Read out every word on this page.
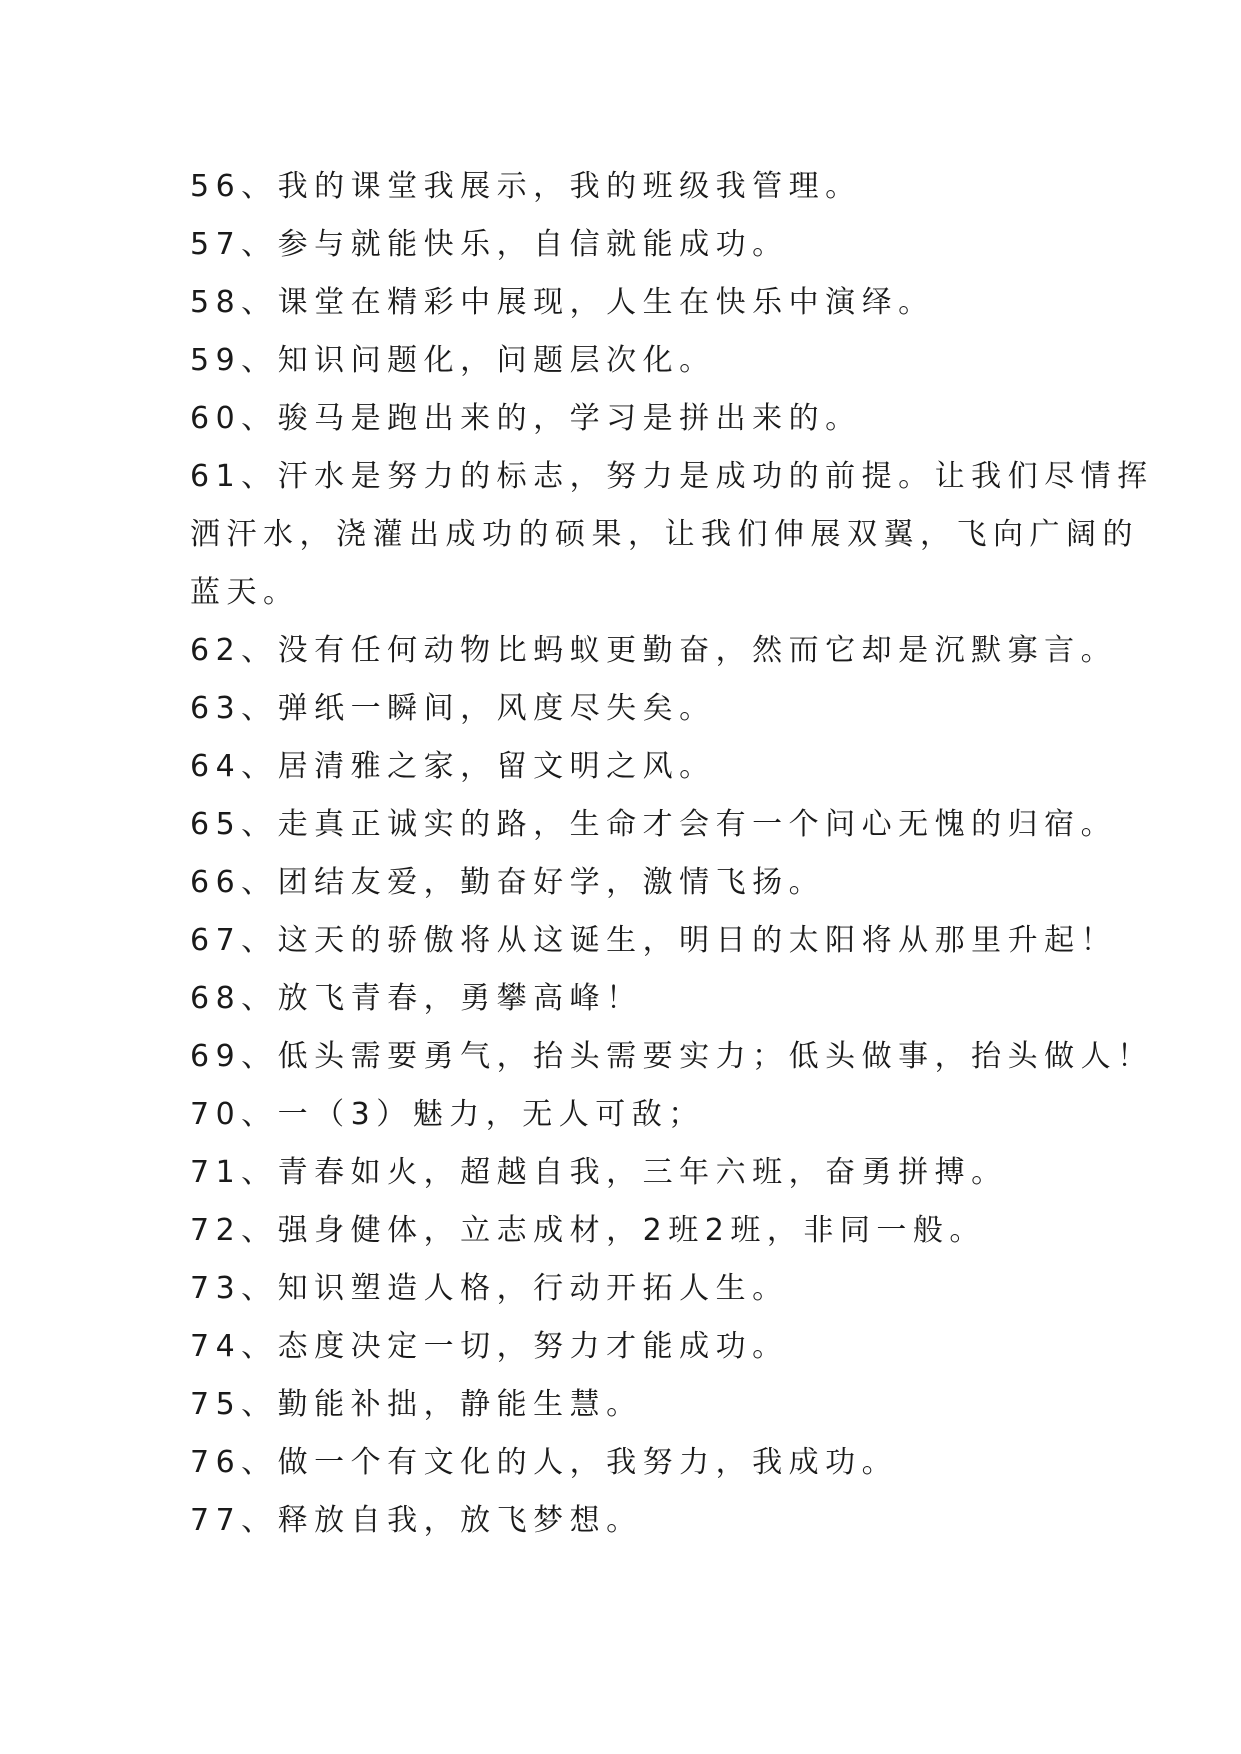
56、我的课堂我展示，我的班级我管理。
57、参与就能快乐，自信就能成功。
58、课堂在精彩中展现，人生在快乐中演绎。
59、知识问题化，问题层次化。
60、骏马是跑出来的，学习是拼出来的。
61、汗水是努力的标志，努力是成功的前提。让我们尽情挥
洒汗水，浇灌出成功的硕果，让我们伸展双翼，飞向广阔的
蓝天。
62、没有任何动物比蚂蚁更勤奋，然而它却是沉默寡言。
63、弹纸一瞬间，风度尽失矣。
64、居清雅之家，留文明之风。
65、走真正诚实的路，生命才会有一个问心无愧的归宿。
66、团结友爱，勤奋好学，激情飞扬。
67、这天的骄傲将从这诞生，明日的太阳将从那里升起！
68、放飞青春，勇攀高峰！
69、低头需要勇气，抬头需要实力；低头做事，抬头做人！
70、一（3）魅力，无人可敌；
71、青春如火，超越自我，三年六班，奋勇拼搏。
72、强身健体，立志成材，2班2班，非同一般。
73、知识塑造人格，行动开拓人生。
74、态度决定一切，努力才能成功。
75、勤能补拙，静能生慧。
76、做一个有文化的人，我努力，我成功。
77、释放自我，放飞梦想。
